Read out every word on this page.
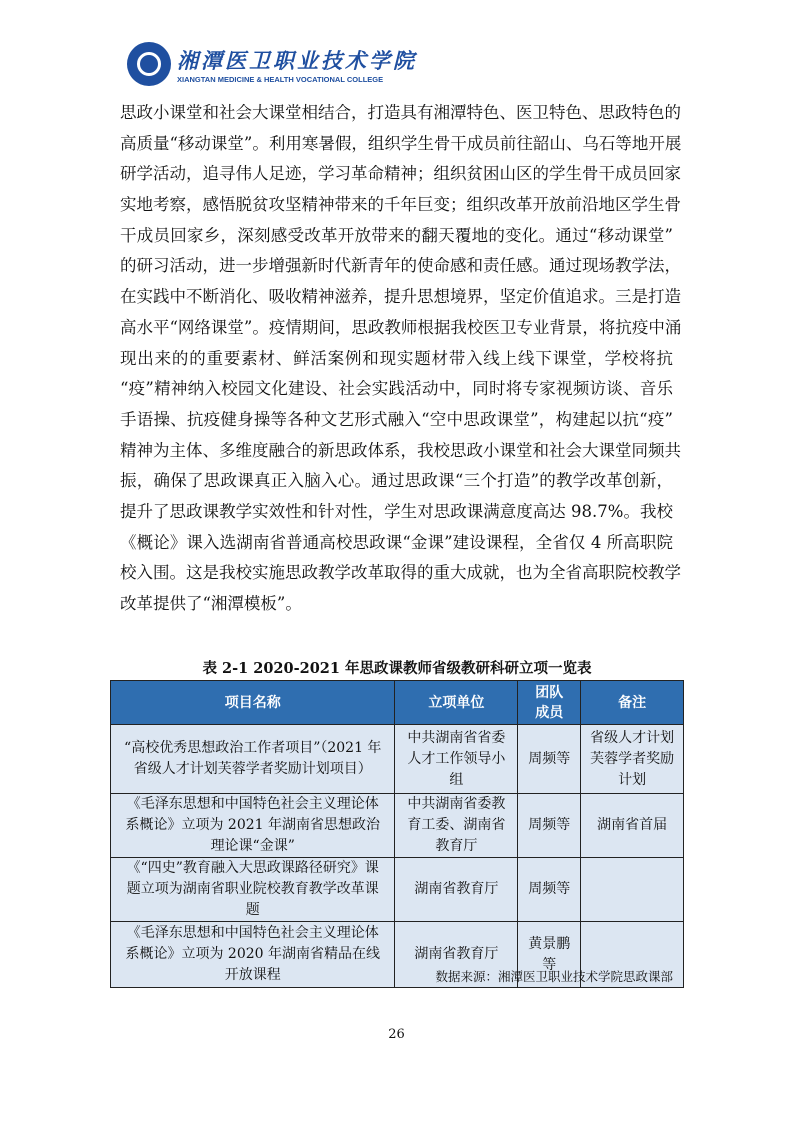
湘潭医卫职业技术学院
XIANGTAN MEDICINE & HEALTH VOCATIONAL COLLEGE
思政小课堂和社会大课堂相结合，打造具有湘潭特色、医卫特色、思政特色的
高质量“移动课堂”。利用寒暑假，组织学生骨干成员前往韶山、乌石等地开展
研学活动，追寻伟人足迹，学习革命精神；组织贫困山区的学生骨干成员回家
实地考察，感悟脱贫攻坚精神带来的千年巨变；组织改革开放前沿地区学生骨
干成员回家乡，深刻感受改革开放带来的翻天覆地的变化。通过“移动课堂”
的研习活动，进一步增强新时代新青年的使命感和责任感。通过现场教学法，
在实践中不断消化、吸收精神滋养，提升思想境界，坚定价值追求。三是打造
高水平“网络课堂”。疫情期间，思政教师根据我校医卫专业背景，将抗疫中涌
现出来的的重要素材、鲜活案例和现实题材带入线上线下课堂，学校将抗
“疫”精神纳入校园文化建设、社会实践活动中，同时将专家视频访谈、音乐
手语操、抗疫健身操等各种文艺形式融入“空中思政课堂”，构建起以抗“疫”
精神为主体、多维度融合的新思政体系，我校思政小课堂和社会大课堂同频共
振，确保了思政课真正入脑入心。通过思政课“三个打造”的教学改革创新，
提升了思政课教学实效性和针对性，学生对思政课满意度高达 98.7%。我校
《概论》课入选湖南省普通高校思政课“金课”建设课程，全省仅 4 所高职院
校入围。这是我校实施思政教学改革取得的重大成就，也为全省高职院校教学
改革提供了“湘潭模板”。
表 2-1 2020-2021 年思政课教师省级教研科研立项一览表
项目名称	立项单位	团队成员	备注
“高校优秀思想政治工作者项目”（2021 年省级人才计划芙蓉学者奖励计划项目）	中共湖南省省委人才工作领导小组	周频等	省级人才计划芙蓉学者奖励计划
《毛泽东思想和中国特色社会主义理论体系概论》立项为 2021 年湖南省思想政治理论课“金课”	中共湖南省委教育工委、湖南省教育厅	周频等	湖南省首届
《“四史”教育融入大思政课路径研究》课题立项为湖南省职业院校教育教学改革课题	湖南省教育厅	周频等	
《毛泽东思想和中国特色社会主义理论体系概论》立项为 2020 年湖南省精品在线开放课程	湖南省教育厅	黄景鹏等	
数据来源：湘潭医卫职业技术学院思政课部
26
